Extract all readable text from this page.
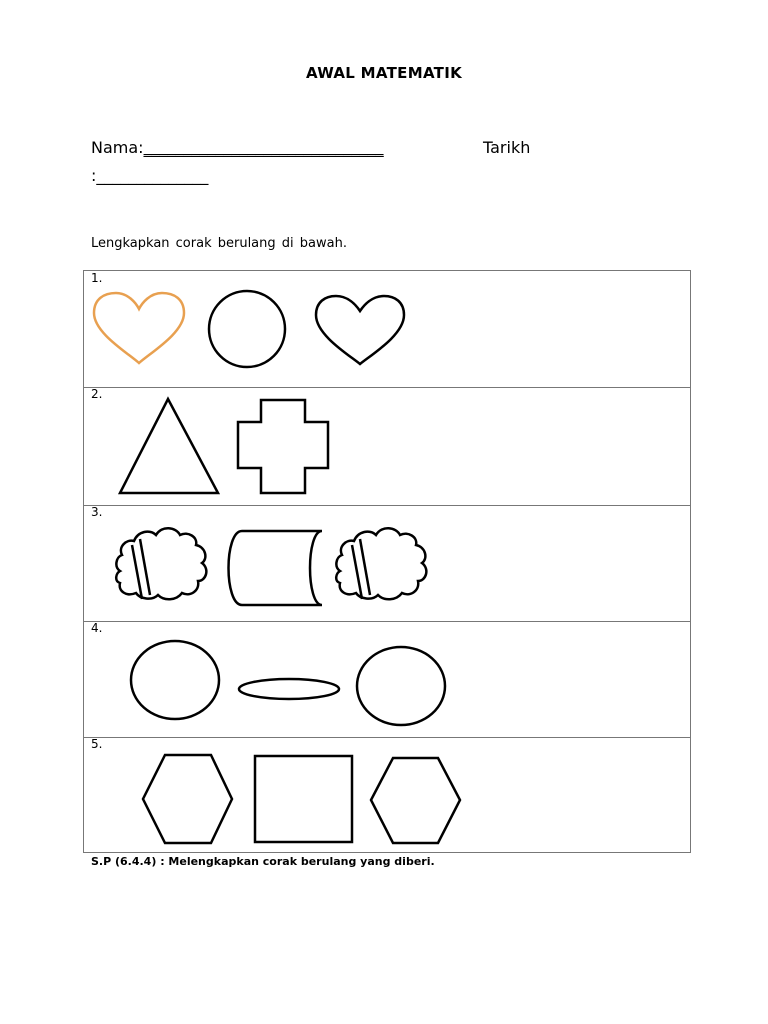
AWAL MATEMATIK
Nama:______________________________	Tarikh
:______________
Lengkapkan corak berulang di bawah.
1.
2.
3.
4.
5.
S.P (6.4.4) : Melengkapkan corak berulang yang diberi.
